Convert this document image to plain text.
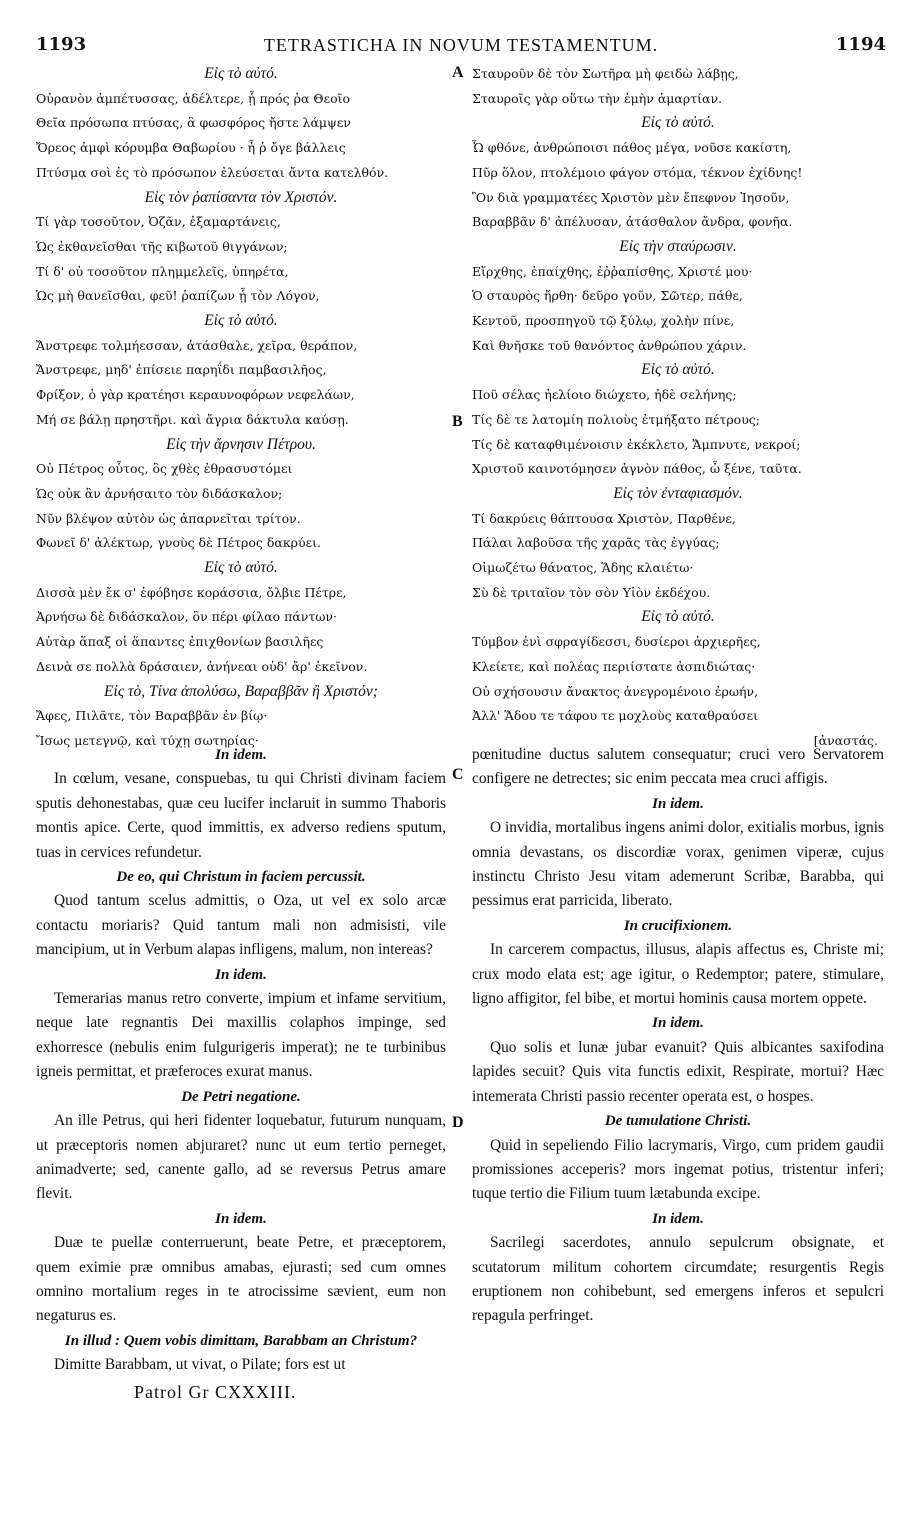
1193	TETRASTICHA IN NOVUM TESTAMENTUM.	1194
A
B
C
D
Εἰς τὸ αὐτό.
Οὐρανὸν ἀμπέτυσσας, ἀδέλτερε, ᾗ πρός ῥα Θεοῖο
Θεῖα πρόσωπα πτύσας, ἃ φωσφόρος ἤστε λάμψεν
Ὄρεος ἀμφὶ κόρυμβα Θαβωρίου · ἦ ῥ ὄγε βάλλεις
Πτύσμα σοὶ ἐς τὸ πρόσωπον ἐλεύσεται ἄντα κατελθόν.
Εἰς τὸν ῥαπίσαντα τὸν Χριστόν.
Τί γὰρ τοσοῦτον, Ὀζᾶν, ἐξαμαρτάνεις,
Ὡς ἐκθανεῖσθαι τῆς κιβωτοῦ θιγγάνων;
Τί δ' οὐ τοσοῦτον πλημμελεῖς, ὑπηρέτα,
Ὡς μὴ θανεῖσθαι, φεῦ! ῥαπίζων ᾗ τὸν Λόγον,
Εἰς τὸ αὐτό.
Ἄνστρεφε τολμήεσσαν, ἀτάσθαλε, χεῖρα, θεράπον,
Ἄνστρεφε, μηδ' ἐπίσειε παρηΐδι παμβασιλῆος,
Φρίξον, ὁ γὰρ κρατέησι κεραυνοφόρων νεφελάων,
Μή σε βάλῃ πρηστῆρι. καὶ ἄγρια δάκτυλα καύσῃ.
Εἰς τὴν ἄρνησιν Πέτρου.
Οὐ Πέτρος οὗτος, ὃς χθὲς ἐθρασυστόμει
Ὡς οὐκ ἂν ἀρνήσαιτο τὸν διδάσκαλον;
Νῦν βλέψον αὐτὸν ὡς ἀπαρνεῖται τρίτον.
Φωνεῖ δ' ἀλέκτωρ, γνοὺς δὲ Πέτρος δακρύει.
Εἰς τὸ αὐτό.
Δισσὰ μὲν ἔκ σ' ἐφόβησε κοράσσια, ὄλβιε Πέτρε,
Ἀρνήσω δὲ διδάσκαλον, ὃν πέρι φίλαο πάντων·
Αὐτὰρ ἅπαξ οἱ ἅπαντες ἐπιχθονίων βασιλῆες
Δεινὰ σε πολλὰ δράσαιεν, ἀνήνεαι οὐδ' ἄρ' ἐκεῖνον.
Εἰς τὸ, Τίνα ἀπολύσω, Βαραββᾶν ἢ Χριστόν;
Ἄφες, Πιλᾶτε, τὸν Βαραββᾶν ἐν βίῳ·
Ἴσως μετεγνῷ, καὶ τύχῃ σωτηρίας·
Σταυροῦν δὲ τὸν Σωτῆρα μὴ φειδὼ λάβῃς,
Σταυροῖς γὰρ οὕτω τὴν ἐμὴν ἁμαρτίαν.
Εἰς τὸ αὐτό.
Ὦ φθόνε, ἀνθρώποισι πάθος μέγα, νοῦσε κακίστη,
Πῦρ ὅλον, πτολέμοιο φάγον στόμα, τέκνον ἐχίδνης!
Ὃν διὰ γραμματέες Χριστὸν μὲν ἔπεφνον Ἰησοῦν,
Βαραββᾶν δ' ἀπέλυσαν, ἀτάσθαλον ἄνδρα, φονῆα.
Εἰς τὴν σταύρωσιν.
Εἴρχθης, ἐπαίχθης, ἐῤῥαπίσθης, Χριστέ μου·
Ὁ σταυρὸς ἤρθη· δεῦρο γοῦν, Σῶτερ, πάθε,
Κεντοῦ, προσπηγοῦ τῷ ξύλῳ, χολὴν πίνε,
Καὶ θνῆσκε τοῦ θανόντος ἀνθρώπου χάριν.
Εἰς τὸ αὐτό.
Ποῦ σέλας ἠελίοιο διώχετο, ἠδὲ σελήνης;
Τίς δὲ τε λατομίη πολιοὺς ἐτμήξατο πέτρους;
Τίς δὲ καταφθιμένοισιν ἐκέκλετο, Ἄμπνυτε, νεκροί;
Χριστοῦ καινοτόμησεν ἀγνὸν πάθος, ὦ ξένε, ταῦτα.
Εἰς τὸν ἐνταφιασμόν.
Τί δακρύεις θάπτουσα Χριστὸν, Παρθένε,
Πάλαι λαβοῦσα τῆς χαρᾶς τὰς ἐγγύας;
Οἰμωζέτω θάνατος, Ἅδης κλαιέτω·
Σὺ δὲ τριταῖον τὸν σὸν Υἱὸν ἐκδέχου.
Εἰς τὸ αὐτό.
Τύμβον ἐνὶ σφραγίδεσσι, δυσίεροι ἀρχιερῆες,
Κλείετε, καὶ πολέας περιίστατε ἀσπιδιώτας·
Οὐ σχήσουσιν ἄνακτος ἀνεγρομένοιο ἐρωήν,
Ἀλλ' Ἅδου τε τάφου τε μοχλοὺς καταθραύσει
[ἀναστάς.
In idem.

In cœlum, vesane, conspuebas, tu qui Christi divinam faciem sputis dehonestabas, quæ ceu lucifer inclaruit in summo Thaboris montis apice. Certe, quod immittis, ex adverso rediens sputum, tuas in cervices refundetur.

De eo, qui Christum in faciem percussit.

Quod tantum scelus admittis, o Oza, ut vel ex solo arcæ contactu moriaris? Quid tantum mali non admisisti, vile mancipium, ut in Verbum alapas infligens, malum, non intereas?

In idem.

Temerarias manus retro converte, impium et infame servitium, neque late regnantis Dei maxillis colaphos impinge, sed exhorresce (nebulis enim fulgurigeris imperat); ne te turbinibus igneis permittat, et præferoces exurat manus.

De Petri negatione.

An ille Petrus, qui heri fidenter loquebatur, futurum nunquam, ut præceptoris nomen abjuraret? nunc ut eum tertio perneget, animadverte; sed, canente gallo, ad se reversus Petrus amare flevit.

In idem.

Duæ te puellæ conterruerunt, beate Petre, et præceptorem, quem eximie præ omnibus amabas, ejurasti; sed cum omnes omnino mortalium reges in te atrocissime sævient, eum non negaturus es.

In illud : Quem vobis dimittam, Barabbam an Christum?

Dimitte Barabbam, ut vivat, o Pilate; fors est ut

Patrol Gr CXXXIII.

pœnitudine ductus salutem consequatur; cruci vero Servatorem configere ne detrectes; sic enim peccata mea cruci affigis.

In idem.

O invidia, mortalibus ingens animi dolor, exitialis morbus, ignis omnia devastans, os discordiæ vorax, genimen viperæ, cujus instinctu Christo Jesu vitam ademerunt Scribæ, Barabba, qui pessimus erat parricida, liberato.

In crucifixionem.

In carcerem compactus, illusus, alapis affectus es, Christe mi; crux modo elata est; age igitur, o Redemptor; patere, stimulare, ligno affigitor, fel bibe, et mortui hominis causa mortem oppete.

In idem.

Quo solis et lunæ jubar evanuit? Quis albicantes saxifodina lapides secuit? Quis vita functis edixit, Respirate, mortui? Hæc intemerata Christi passio recenter operata est, o hospes.

De tumulatione Christi.

Quid in sepeliendo Filio lacrymaris, Virgo, cum pridem gaudii promissiones acceperis? mors ingemat potius, tristentur inferi; tuque tertio die Filium tuum lætabunda excipe.

In idem.

Sacrilegi sacerdotes, annulo sepulcrum obsignate, et scutatorum militum cohortem circumdate; resurgentis Regis eruptionem non cohibebunt, sed emergens inferos et sepulcri repagula perfringet.
